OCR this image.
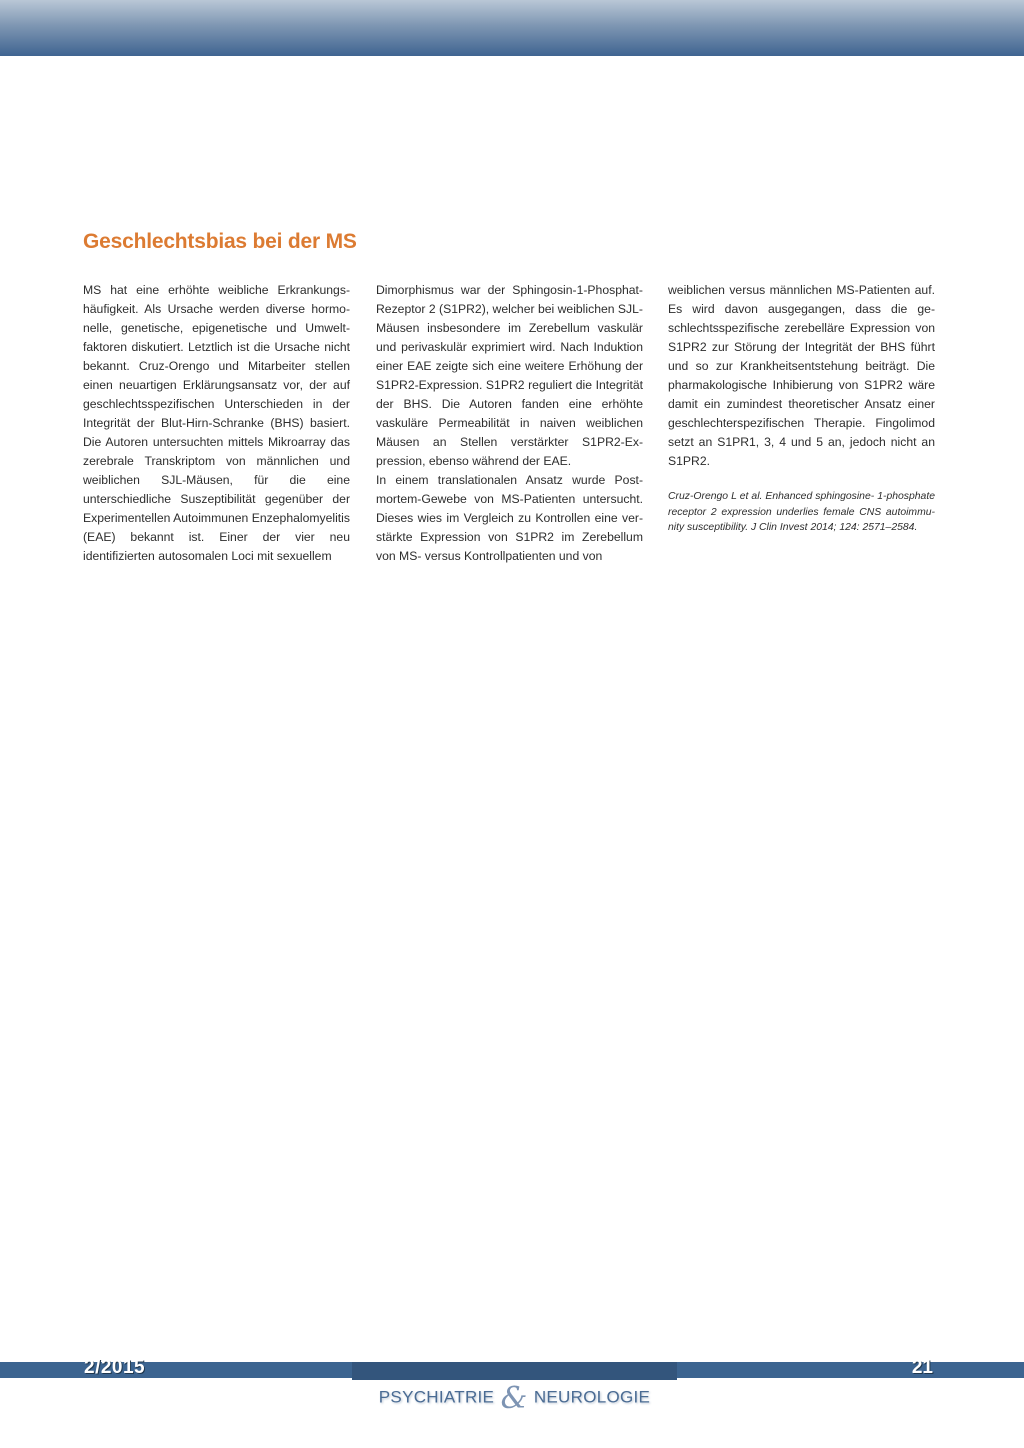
Geschlechtsbias bei der MS

MS hat eine erhöhte weibliche Erkrankungshäufigkeit. Als Ursache werden diverse hormonelle, genetische, epigenetische und Umweltfaktoren diskutiert. Letztlich ist die Ursache nicht bekannt. Cruz-Orengo und Mitarbeiter stellen einen neuartigen Erklärungsansatz vor, der auf geschlechtsspezifischen Unterschieden in der Integrität der Blut-Hirn-Schranke (BHS) basiert. Die Autoren untersuchten mittels Mikroarray das zerebrale Transkriptom von männlichen und weiblichen SJL-Mäusen, für die eine unterschiedliche Suszeptibilität gegenüber der Experimentellen Autoimmunen Enzephalomyelitis (EAE) bekannt ist. Einer der vier neu identifizierten autosomalen Loci mit sexuellem

Dimorphismus war der Sphingosin-1-Phosphat-Rezeptor 2 (S1PR2), welcher bei weiblichen SJL-Mäusen insbesondere im Zerebellum vaskulär und perivaskulär exprimiert wird. Nach Induktion einer EAE zeigte sich eine weitere Erhöhung der S1PR2-Expression. S1PR2 reguliert die Integrität der BHS. Die Autoren fanden eine erhöhte vaskuläre Permeabilität in naiven weiblichen Mäusen an Stellen verstärkter S1PR2-Expression, ebenso während der EAE.

In einem translationalen Ansatz wurde Postmortem-Gewebe von MS-Patienten untersucht. Dieses wies im Vergleich zu Kontrollen eine verstärkte Expression von S1PR2 im Zerebellum von MS- versus Kontrollpatienten und von

weiblichen versus männlichen MS-Patienten auf. Es wird davon ausgegangen, dass die geschlechtsspezifische zerebelläre Expression von S1PR2 zur Störung der Integrität der BHS führt und so zur Krankheitsentstehung beiträgt. Die pharmakologische Inhibierung von S1PR2 wäre damit ein zumindest theoretischer Ansatz einer geschlechterspezifischen Therapie. Fingolimod setzt an S1PR1, 3, 4 und 5 an, jedoch nicht an S1PR2.

Cruz-Orengo L et al. Enhanced sphingosine- 1-phosphate receptor 2 expression underlies female CNS autoimmunity susceptibility. J Clin Invest 2014; 124: 2571–2584.

2/2015	21
PSYCHIATRIE & NEUROLOGIE
